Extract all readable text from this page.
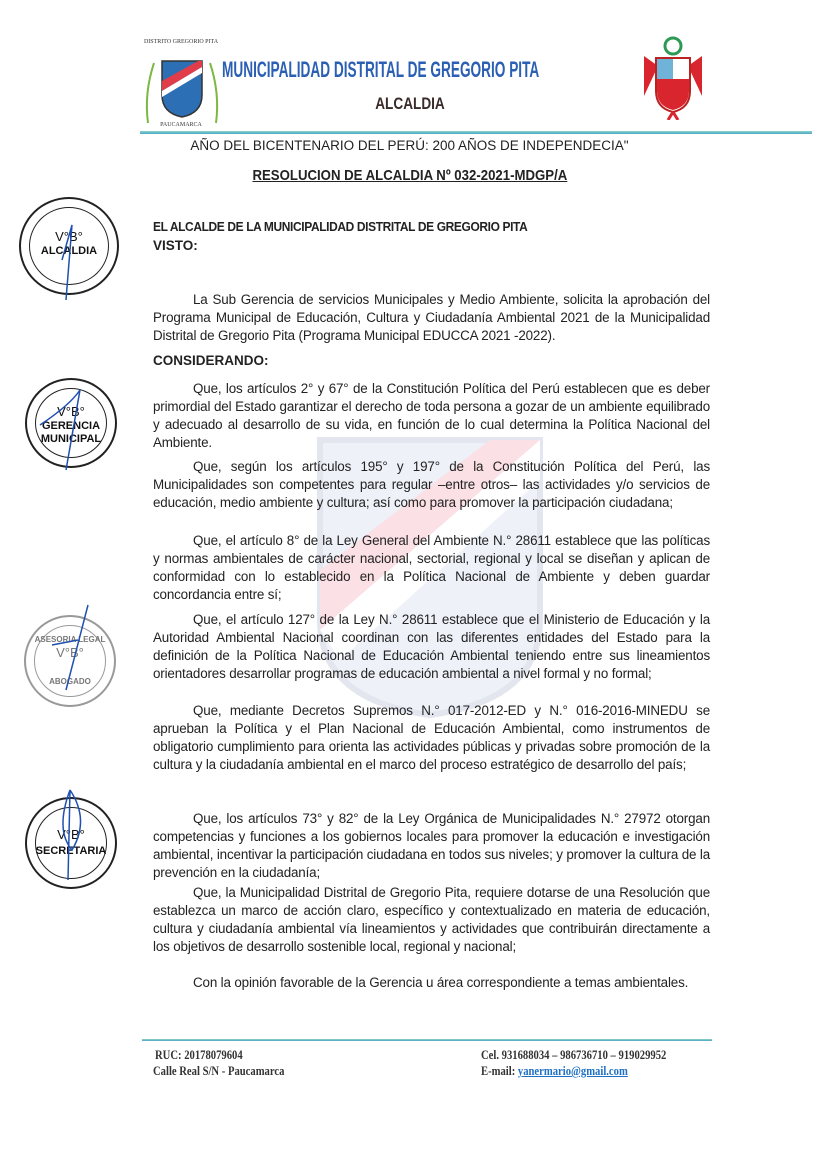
DISTRITO GREGORIO PITA
PAUCAMARCA
MUNICIPALIDAD DISTRITAL DE GREGORIO PITA
ALCALDIA
AÑO DEL BICENTENARIO DEL PERÚ: 200 AÑOS DE INDEPENDECIA"
RESOLUCION DE ALCALDIA Nº 032-2021-MDGP/A
EL ALCALDE DE LA MUNICIPALIDAD DISTRITAL DE GREGORIO PITA
VISTO:
La Sub Gerencia de servicios Municipales y Medio Ambiente, solicita la aprobación del Programa Municipal de Educación, Cultura y Ciudadanía Ambiental 2021 de la Municipalidad Distrital de Gregorio Pita (Programa Municipal EDUCCA 2021 -2022).
CONSIDERANDO:
Que, los artículos 2° y 67° de la Constitución Política del Perú establecen que es deber primordial del Estado garantizar el derecho de toda persona a gozar de un ambiente equilibrado y adecuado al desarrollo de su vida, en función de lo cual determina la Política Nacional del Ambiente.
Que, según los artículos 195° y 197° de la Constitución Política del Perú, las Municipalidades son competentes para regular –entre otros– las actividades y/o servicios de educación, medio ambiente y cultura; así como para promover la participación ciudadana;
Que, el artículo 8° de la Ley General del Ambiente N.° 28611 establece que las políticas y normas ambientales de carácter nacional, sectorial, regional y local se diseñan y aplican de conformidad con lo establecido en la Política Nacional de Ambiente y deben guardar concordancia entre sí;
Que, el artículo 127° de la Ley N.° 28611 establece que el Ministerio de Educación y la Autoridad Ambiental Nacional coordinan con las diferentes entidades del Estado para la definición de la Política Nacional de Educación Ambiental teniendo entre sus lineamientos orientadores desarrollar programas de educación ambiental a nivel formal y no formal;
Que, mediante Decretos Supremos N.° 017-2012-ED y N.° 016-2016-MINEDU se aprueban la Política y el Plan Nacional de Educación Ambiental, como instrumentos de obligatorio cumplimiento para orienta las actividades públicas y privadas sobre promoción de la cultura y la ciudadanía ambiental en el marco del proceso estratégico de desarrollo del país;
Que, los artículos 73° y 82° de la Ley Orgánica de Municipalidades N.° 27972 otorgan competencias y funciones a los gobiernos locales para promover la educación e investigación ambiental, incentivar la participación ciudadana en todos sus niveles; y promover la cultura de la prevención en la ciudadanía;
Que, la Municipalidad Distrital de Gregorio Pita, requiere dotarse de una Resolución que establezca un marco de acción claro, específico y contextualizado en materia de educación, cultura y ciudadanía ambiental vía lineamientos y actividades que contribuirán directamente a los objetivos de desarrollo sostenible local, regional y nacional;
Con la opinión favorable de la Gerencia u área correspondiente a temas ambientales.
V°B°
ALCALDIA
V°B°
GERENCIA
MUNICIPAL
ASESORIA LEGAL
V°B°
ABOGADO
V°B°
SECRETARIA
RUC: 20178079604
Calle Real S/N - Paucamarca
Cel. 931688034 – 986736710 – 919029952
E-mail: yanermario@gmail.com
